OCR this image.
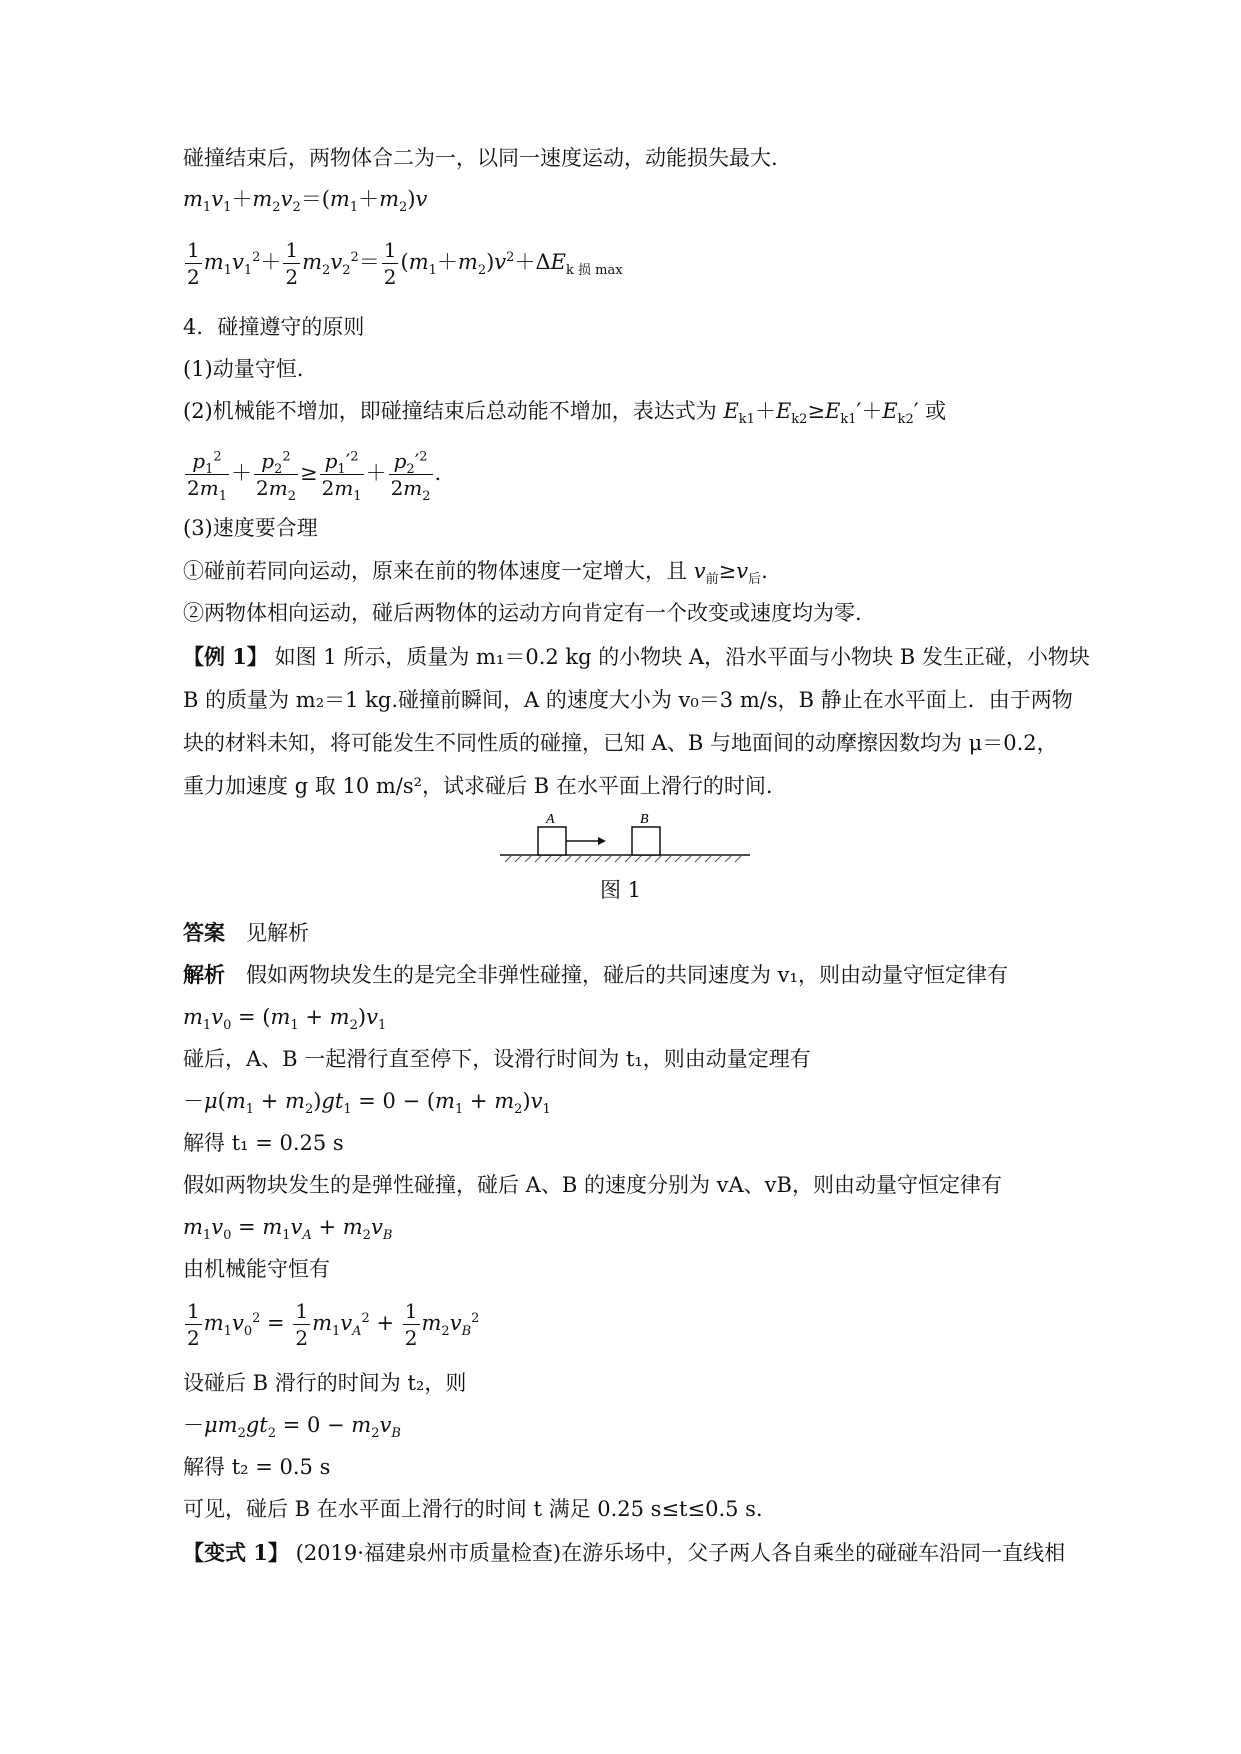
碰撞结束后，两物体合二为一，以同一速度运动，动能损失最大.
$m_1v_1+m_2v_2=(m_1+m_2)v$
$\frac{1}{2} m_1v_1^2+ \frac{1}{2} m_2v_2^2= \frac{1}{2} (m_1+m_2)v^2+\Delta E_{k 损 max}$
4．碰撞遵守的原则
(1)动量守恒.
(2)机械能不增加，即碰撞结束后总动能不增加，表达式为 $E_{k1}+E_{k2}\ge E_{k1}'+E_{k2}'$ 或
$\frac{p_1^2}{2m_1} + \frac{p_2^2}{2m_2} \ge \frac{p_1'^2}{2m_1} + \frac{p_2'^2}{2m_2}$ .
(3)速度要合理
①碰前若同向运动，原来在前的物体速度一定增大，且 $v_前\ge v_后$.
②两物体相向运动，碰后两物体的运动方向肯定有一个改变或速度均为零.
【例 1】 如图 1 所示，质量为 m₁＝0.2 kg 的小物块 A，沿水平面与小物块 B 发生正碰，小物块
B 的质量为 m₂＝1 kg.碰撞前瞬间，A 的速度大小为 v₀＝3 m/s，B 静止在水平面上．由于两物
块的材料未知，将可能发生不同性质的碰撞，已知 A、B 与地面间的动摩擦因数均为 μ＝0.2，
重力加速度 g 取 10 m/s²，试求碰后 B 在水平面上滑行的时间.
A	B
图 1
答案　 见解析
解析　 假如两物块发生的是完全非弹性碰撞，碰后的共同速度为 v₁，则由动量守恒定律有
$m_1v_0 = (m_1 + m_2)v_1$
碰后，A、B 一起滑行直至停下，设滑行时间为 t₁，则由动量定理有
$-\mu(m_1 + m_2)gt_1 = 0 - (m_1 + m_2)v_1$
解得 t₁ = 0.25 s
假如两物块发生的是弹性碰撞，碰后 A、B 的速度分别为 vA、vB，则由动量守恒定律有
$m_1v_0 = m_1v_A + m_2v_B$
由机械能守恒有
$\frac{1}{2} m_1v_0^2 = \frac{1}{2} m_1v_A^2 + \frac{1}{2} m_2v_B^2$
设碰后 B 滑行的时间为 t₂，则
$-\mu m_2gt_2 = 0 - m_2v_B$
解得 t₂ = 0.5 s
可见，碰后 B 在水平面上滑行的时间 t 满足 0.25 s≤t≤0.5 s.
【变式 1】 (2019·福建泉州市质量检查)在游乐场中，父子两人各自乘坐的碰碰车沿同一直线相
